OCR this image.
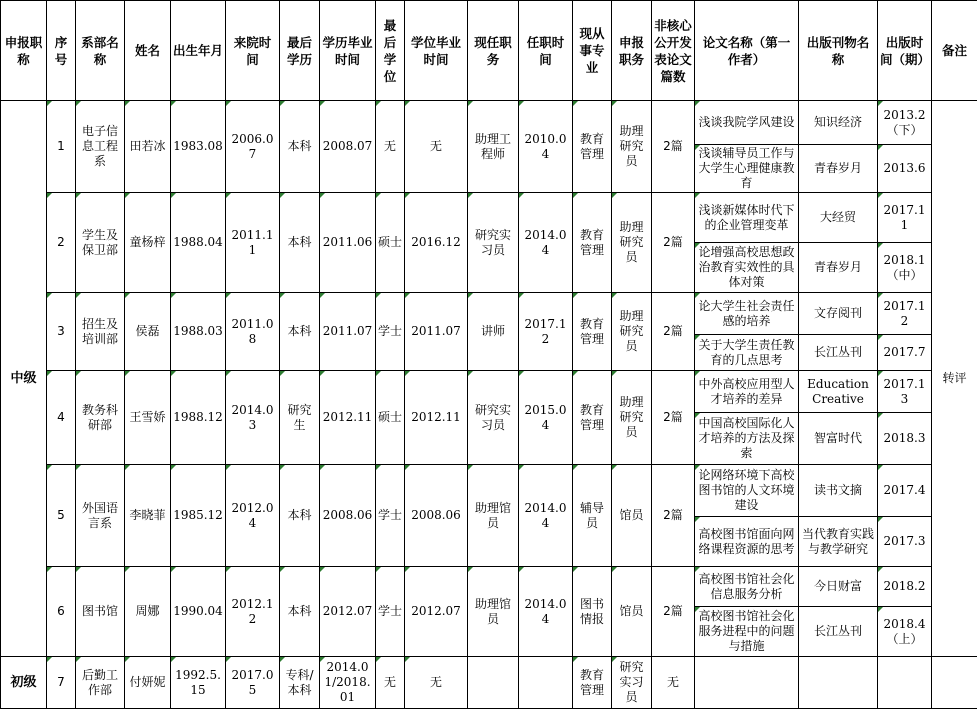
申报职称	序号	系部名称	姓名	出生年月	来院时间	最后学历	学历毕业时间	最后学位	学位毕业时间	现任职务	任职时间	现从事专业	申报职务	非核心公开发表论文篇数	论文名称（第一作者）	出版刊物名称	出版时间（期）	备注
中级	1	电子信息工程系	田若冰	1983.08	2006.07	本科	2008.07	无	无	助理工程师	2010.04	教育管理	助理研究员	2篇	浅谈我院学风建设	知识经济	2013.2（下）	转评
															浅谈辅导员工作与大学生心理健康教育	青春岁月	2013.6	
	2	学生及保卫部	童杨梓	1988.04	2011.11	本科	2011.06	硕士	2016.12	研究实习员	2014.04	教育管理	助理研究员	2篇	浅谈新媒体时代下的企业管理变革	大经贸	2017.11	
															论增强高校思想政治教育实效性的具体对策	青春岁月	2018.1（中）	
	3	招生及培训部	侯磊	1988.03	2011.08	本科	2011.07	学士	2011.07	讲师	2017.12	教育管理	助理研究员	2篇	论大学生社会责任感的培养	文存阅刊	2017.12	
															关于大学生责任教育的几点思考	长江丛刊	2017.7	
	4	教务科研部	王雪娇	1988.12	2014.03	研究生	2012.11	硕士	2012.11	研究实习员	2015.04	教育管理	助理研究员	2篇	中外高校应用型人才培养的差异	Education Creative	2017.13	
															中国高校国际化人才培养的方法及探索	智富时代	2018.3	
	5	外国语言系	李晓菲	1985.12	2012.04	本科	2008.06	学士	2008.06	助理馆员	2014.04	辅导员	馆员	2篇	论网络环境下高校图书馆的人文环境建设	读书文摘	2017.4	
															高校图书馆面向网络课程资源的思考	当代教育实践与教学研究	2017.3	
	6	图书馆	周娜	1990.04	2012.12	本科	2012.07	学士	2012.07	助理馆员	2014.04	图书情报	馆员	2篇	高校图书馆社会化信息服务分析	今日财富	2018.2	
															高校图书馆社会化服务进程中的问题与措施	长江丛刊	2018.4（上）	
初级	7	后勤工作部	付妍妮	1992.5.15	2017.05	专科/本科	2014.01/2018.01	无	无			教育管理	研究实习员	无				
